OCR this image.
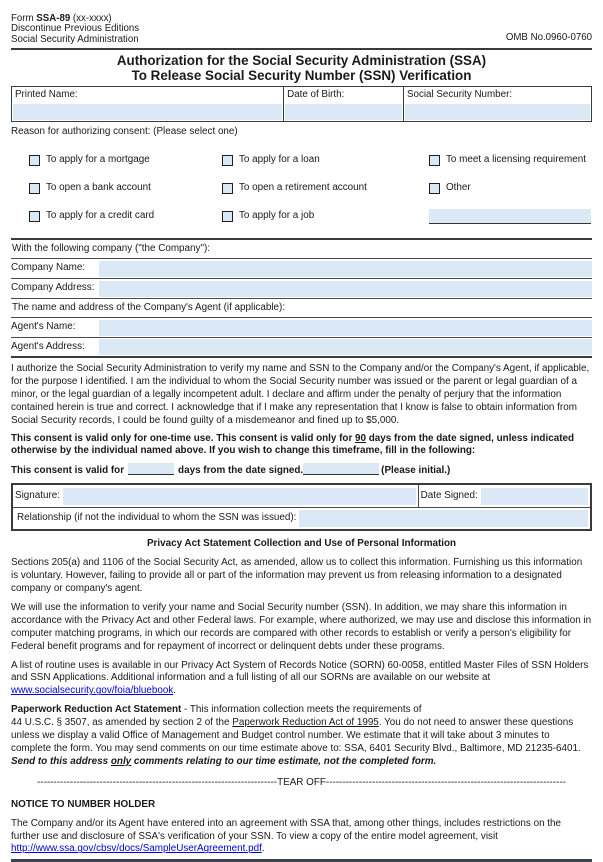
Form SSA-89 (xx-xxxx)
Discontinue Previous Editions
Social Security Administration	OMB No.0960-0760
Authorization for the Social Security Administration (SSA)
To Release Social Security Number (SSN) Verification
Printed Name:	Date of Birth:	Social Security Number:
Reason for authorizing consent: (Please select one)
To apply for a mortgage	To apply for a loan	To meet a licensing requirement
To open a bank account	To open a retirement account	Other
To apply for a credit card	To apply for a job
With the following company ("the Company"):
Company Name:
Company Address:
The name and address of the Company's Agent (if applicable):
Agent's Name:
Agent's Address:
I authorize the Social Security Administration to verify my name and SSN to the Company and/or the Company's Agent, if applicable, for the purpose I identified. I am the individual to whom the Social Security number was issued or the parent or legal guardian of a minor, or the legal guardian of a legally incompetent adult. I declare and affirm under the penalty of perjury that the information contained herein is true and correct. I acknowledge that if I make any representation that I know is false to obtain information from Social Security records, I could be found guilty of a misdemeanor and fined up to $5,000.
This consent is valid only for one-time use. This consent is valid only for 90 days from the date signed, unless indicated otherwise by the individual named above. If you wish to change this timeframe, fill in the following:
This consent is valid for	days from the date signed.	(Please initial.)
Signature:	Date Signed:
Relationship (if not the individual to whom the SSN was issued):
Privacy Act Statement Collection and Use of Personal Information
Sections 205(a) and 1106 of the Social Security Act, as amended, allow us to collect this information. Furnishing us this information is voluntary. However, failing to provide all or part of the information may prevent us from releasing information to a designated company or company's agent.
We will use the information to verify your name and Social Security number (SSN). In addition, we may share this information in accordance with the Privacy Act and other Federal laws. For example, where authorized, we may use and disclose this information in computer matching programs, in which our records are compared with other records to establish or verify a person's eligibility for Federal benefit programs and for repayment of incorrect or delinquent debts under these programs.
A list of routine uses is available in our Privacy Act System of Records Notice (SORN) 60-0058, entitled Master Files of SSN Holders and SSN Applications. Additional information and a full listing of all our SORNs are available on our website at www.socialsecurity.gov/foia/bluebook.
Paperwork Reduction Act Statement - This information collection meets the requirements of
44 U.S.C. § 3507, as amended by section 2 of the Paperwork Reduction Act of 1995. You do not need to answer these questions unless we display a valid Office of Management and Budget control number. We estimate that it will take about 3 minutes to complete the form. You may send comments on our time estimate above to: SSA, 6401 Security Blvd., Baltimore, MD 21235-6401. Send to this address only comments relating to our time estimate, not the completed form.
-------------------------------------------------------------------------TEAR OFF-------------------------------------------------------------------------
NOTICE TO NUMBER HOLDER
The Company and/or its Agent have entered into an agreement with SSA that, among other things, includes restrictions on the further use and disclosure of SSA's verification of your SSN. To view a copy of the entire model agreement, visit http://www.ssa.gov/cbsv/docs/SampleUserAgreement.pdf.
